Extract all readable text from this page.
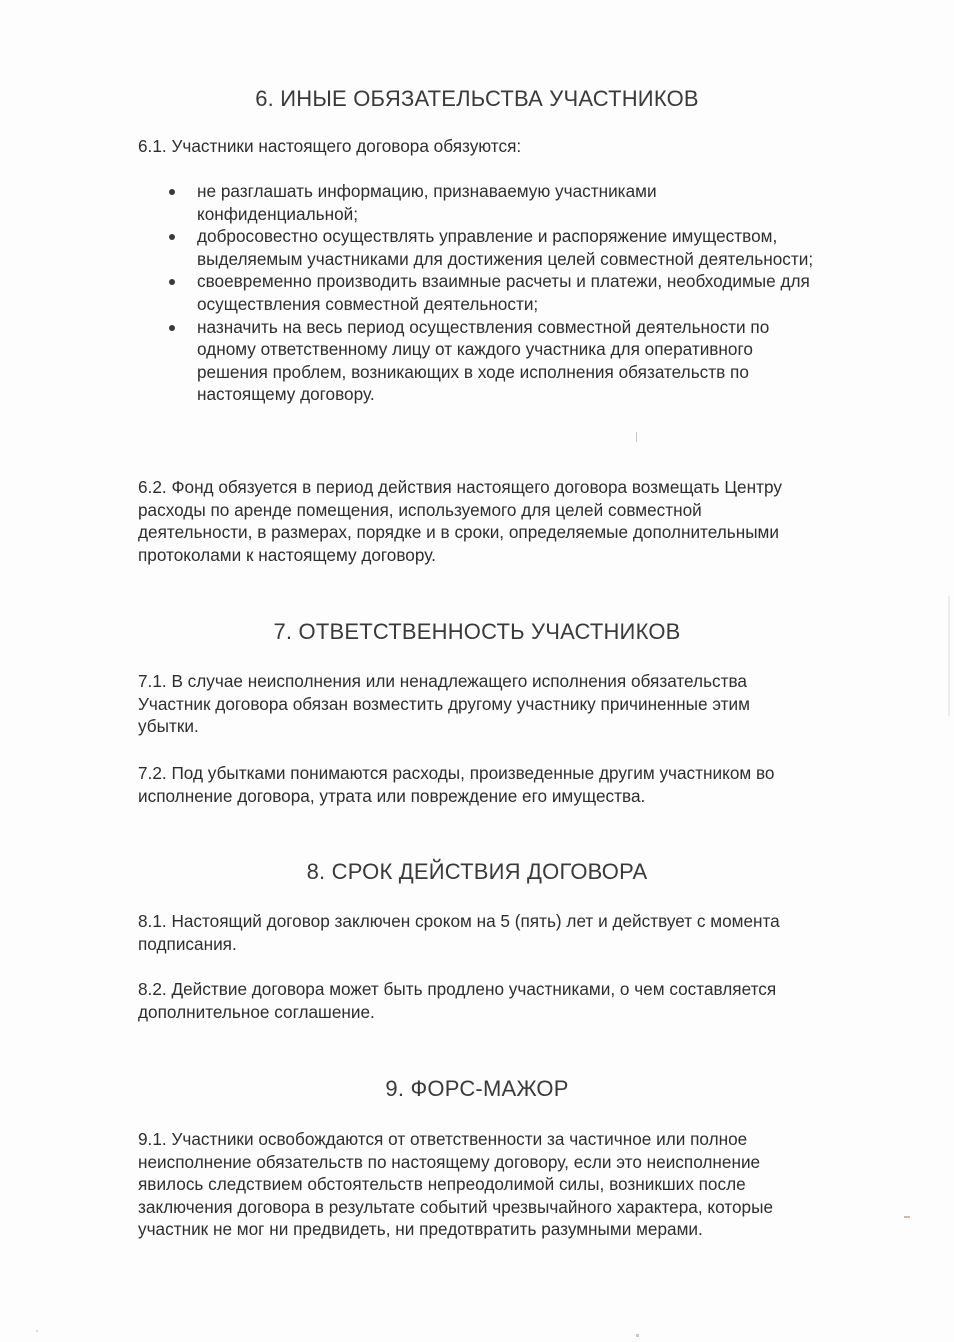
6. ИНЫЕ ОБЯЗАТЕЛЬСТВА УЧАСТНИКОВ

6.1. Участники настоящего договора обязуются:

не разглашать информацию, признаваемую участниками
конфиденциальной;
добросовестно осуществлять управление и распоряжение имуществом,
выделяемым участниками для достижения целей совместной деятельности;
своевременно производить взаимные расчеты и платежи, необходимые для
осуществления совместной деятельности;
назначить на весь период осуществления совместной деятельности по
одному ответственному лицу от каждого участника для оперативного
решения проблем, возникающих в ходе исполнения обязательств по
настоящему договору.

6.2. Фонд обязуется в период действия настоящего договора возмещать Центру
расходы по аренде помещения, используемого для целей совместной
деятельности, в размерах, порядке и в сроки, определяемые дополнительными
протоколами к настоящему договору.

7. ОТВЕТСТВЕННОСТЬ УЧАСТНИКОВ

7.1. В случае неисполнения или ненадлежащего исполнения обязательства
Участник договора обязан возместить другому участнику причиненные этим
убытки.

7.2. Под убытками понимаются расходы, произведенные другим участником во
исполнение договора, утрата или повреждение его имущества.

8. СРОК ДЕЙСТВИЯ ДОГОВОРА

8.1. Настоящий договор заключен сроком на 5 (пять) лет и действует с момента
подписания.

8.2. Действие договора может быть продлено участниками, о чем составляется
дополнительное соглашение.

9. ФОРС-МАЖОР

9.1. Участники освобождаются от ответственности за частичное или полное
неисполнение обязательств по настоящему договору, если это неисполнение
явилось следствием обстоятельств непреодолимой силы, возникших после
заключения договора в результате событий чрезвычайного характера, которые
участник не мог ни предвидеть, ни предотвратить разумными мерами.
